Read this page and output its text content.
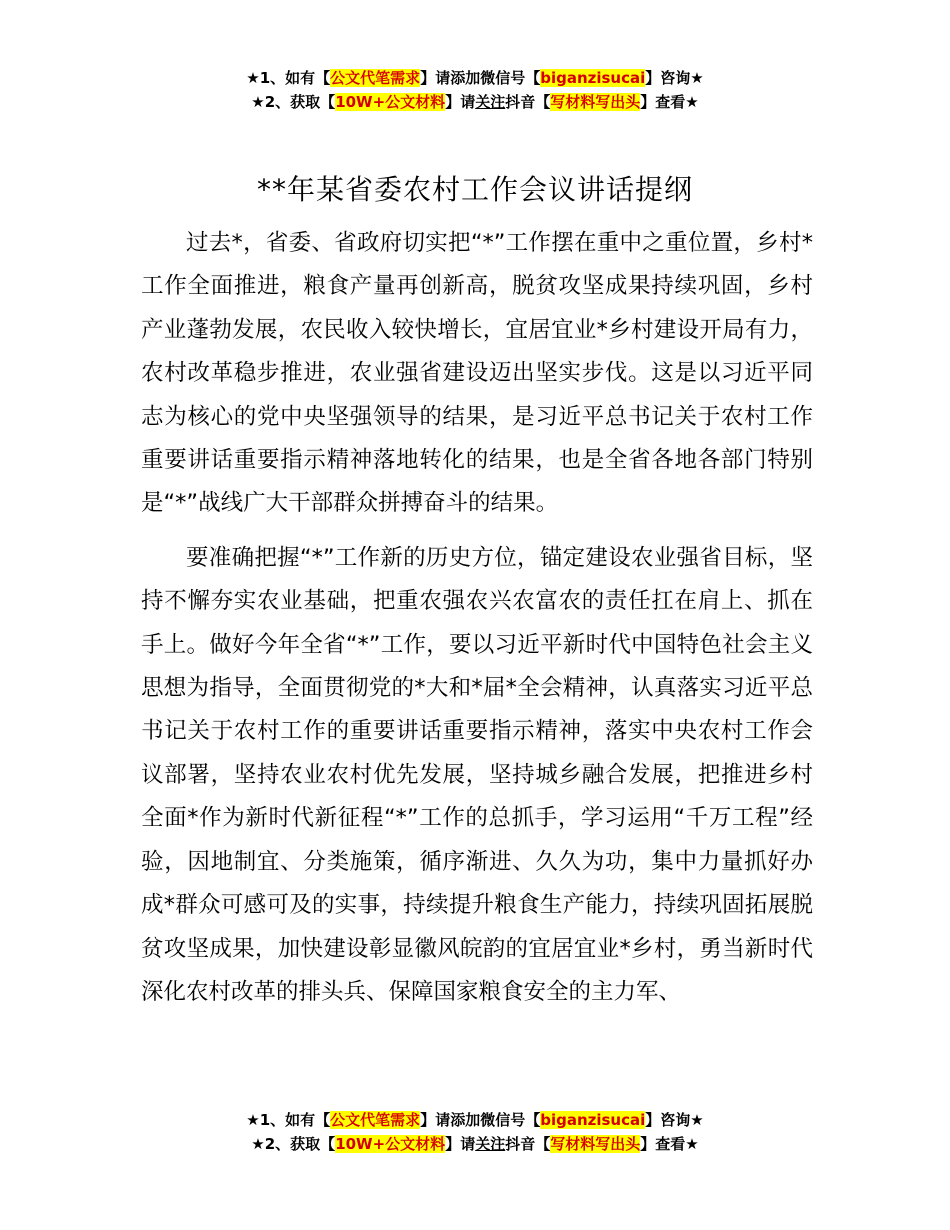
★1、如有【公文代笔需求】请添加微信号【biganzisucai】咨询★
★2、获取【10W+公文材料】请关注抖音【写材料写出头】查看★
**年某省委农村工作会议讲话提纲

过去*，省委、省政府切实把“*”工作摆在重中之重位置，乡村*工作全面推进，粮食产量再创新高，脱贫攻坚成果持续巩固，乡村产业蓬勃发展，农民收入较快增长，宜居宜业*乡村建设开局有力，农村改革稳步推进，农业强省建设迈出坚实步伐。这是以习近平同志为核心的党中央坚强领导的结果，是习近平总书记关于农村工作重要讲话重要指示精神落地转化的结果，也是全省各地各部门特别是“*”战线广大干部群众拼搏奋斗的结果。

要准确把握“*”工作新的历史方位，锚定建设农业强省目标，坚持不懈夯实农业基础，把重农强农兴农富农的责任扛在肩上、抓在手上。做好今年全省“*”工作，要以习近平新时代中国特色社会主义思想为指导，全面贯彻党的*大和*届*全会精神，认真落实习近平总书记关于农村工作的重要讲话重要指示精神，落实中央农村工作会议部署，坚持农业农村优先发展，坚持城乡融合发展，把推进乡村全面*作为新时代新征程“*”工作的总抓手，学习运用“千万工程”经验，因地制宜、分类施策，循序渐进、久久为功，集中力量抓好办成*群众可感可及的实事，持续提升粮食生产能力，持续巩固拓展脱贫攻坚成果，加快建设彰显徽风皖韵的宜居宜业*乡村，勇当新时代深化农村改革的排头兵、保障国家粮食安全的主力军、

★1、如有【公文代笔需求】请添加微信号【biganzisucai】咨询★
★2、获取【10W+公文材料】请关注抖音【写材料写出头】查看★
